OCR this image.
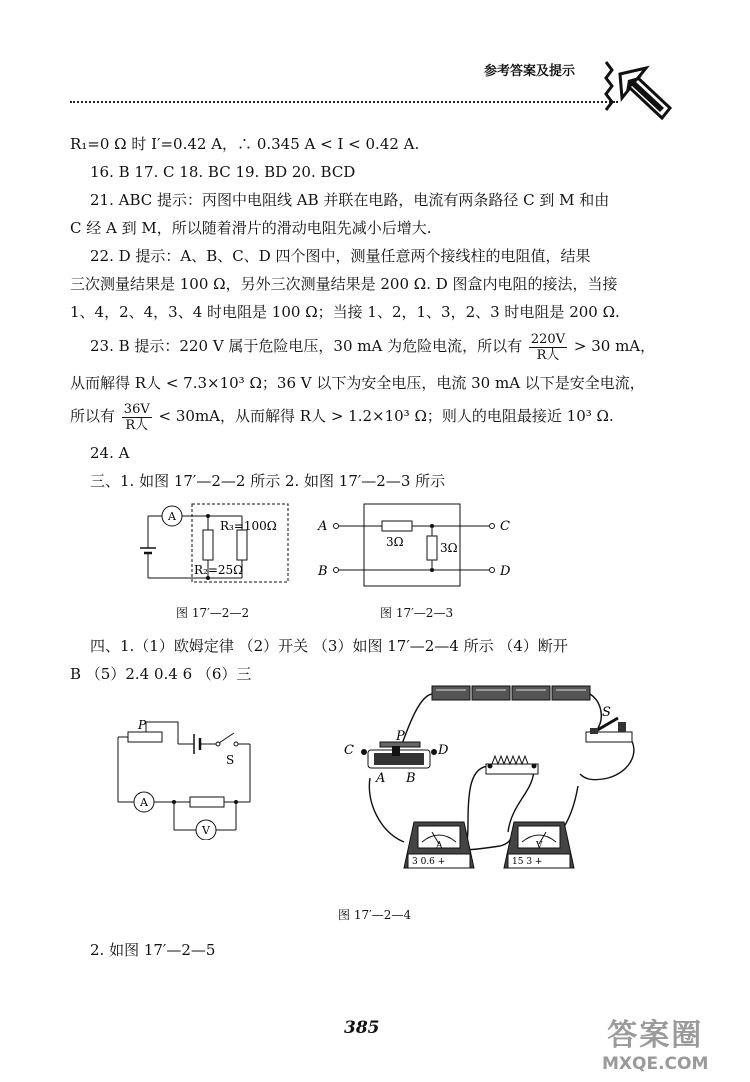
参考答案及提示
R₁=0 Ω 时 I′=0.42 A，∴ 0.345 A < I < 0.42 A.
16. B 17. C 18. BC 19. BD 20. BCD
21. ABC 提示：丙图中电阻线 AB 并联在电路，电流有两条路径 C 到 M 和由
C 经 A 到 M，所以随着滑片的滑动电阻先减小后增大.
22. D 提示：A、B、C、D 四个图中，测量任意两个接线柱的电阻值，结果
三次测量结果是 100 Ω，另外三次测量结果是 200 Ω. D 图盒内电阻的接法，当接
1、4，2、4，3、4 时电阻是 100 Ω；当接 1、2，1、3，2、3 时电阻是 200 Ω.
23. B 提示：220 V 属于危险电压，30 mA 为危险电流，所以有 $\frac{220V}{\text{R人}} > 30$ mA，
从而解得 R人 < 7.3×10³ Ω；36 V 以下为安全电压，电流 30 mA 以下是安全电流，
所以有 $\frac{36V}{\text{R人}} < 30mA$，从而解得 R人 > 1.2×10³ Ω；则人的电阻最接近 10³ Ω.
24. A
三、1. 如图 17′—2—2 所示 2. 如图 17′—2—3 所示
A
R₃=100Ω
R₂=25Ω
图 17′—2—2
A
B
C
D
3Ω	3Ω
图 17′—2—3
四、1.（1）欧姆定律 （2）开关 （3）如图 17′—2—4 所示 （4）断开
B （5）2.4 0.4 6 （6）三
P
S
A
V
S
P
C	D
A B
A
3 0.6 +
V
15 3 +
图 17′—2—4
2. 如图 17′—2—5
385	答案圈
MXQE.COM
